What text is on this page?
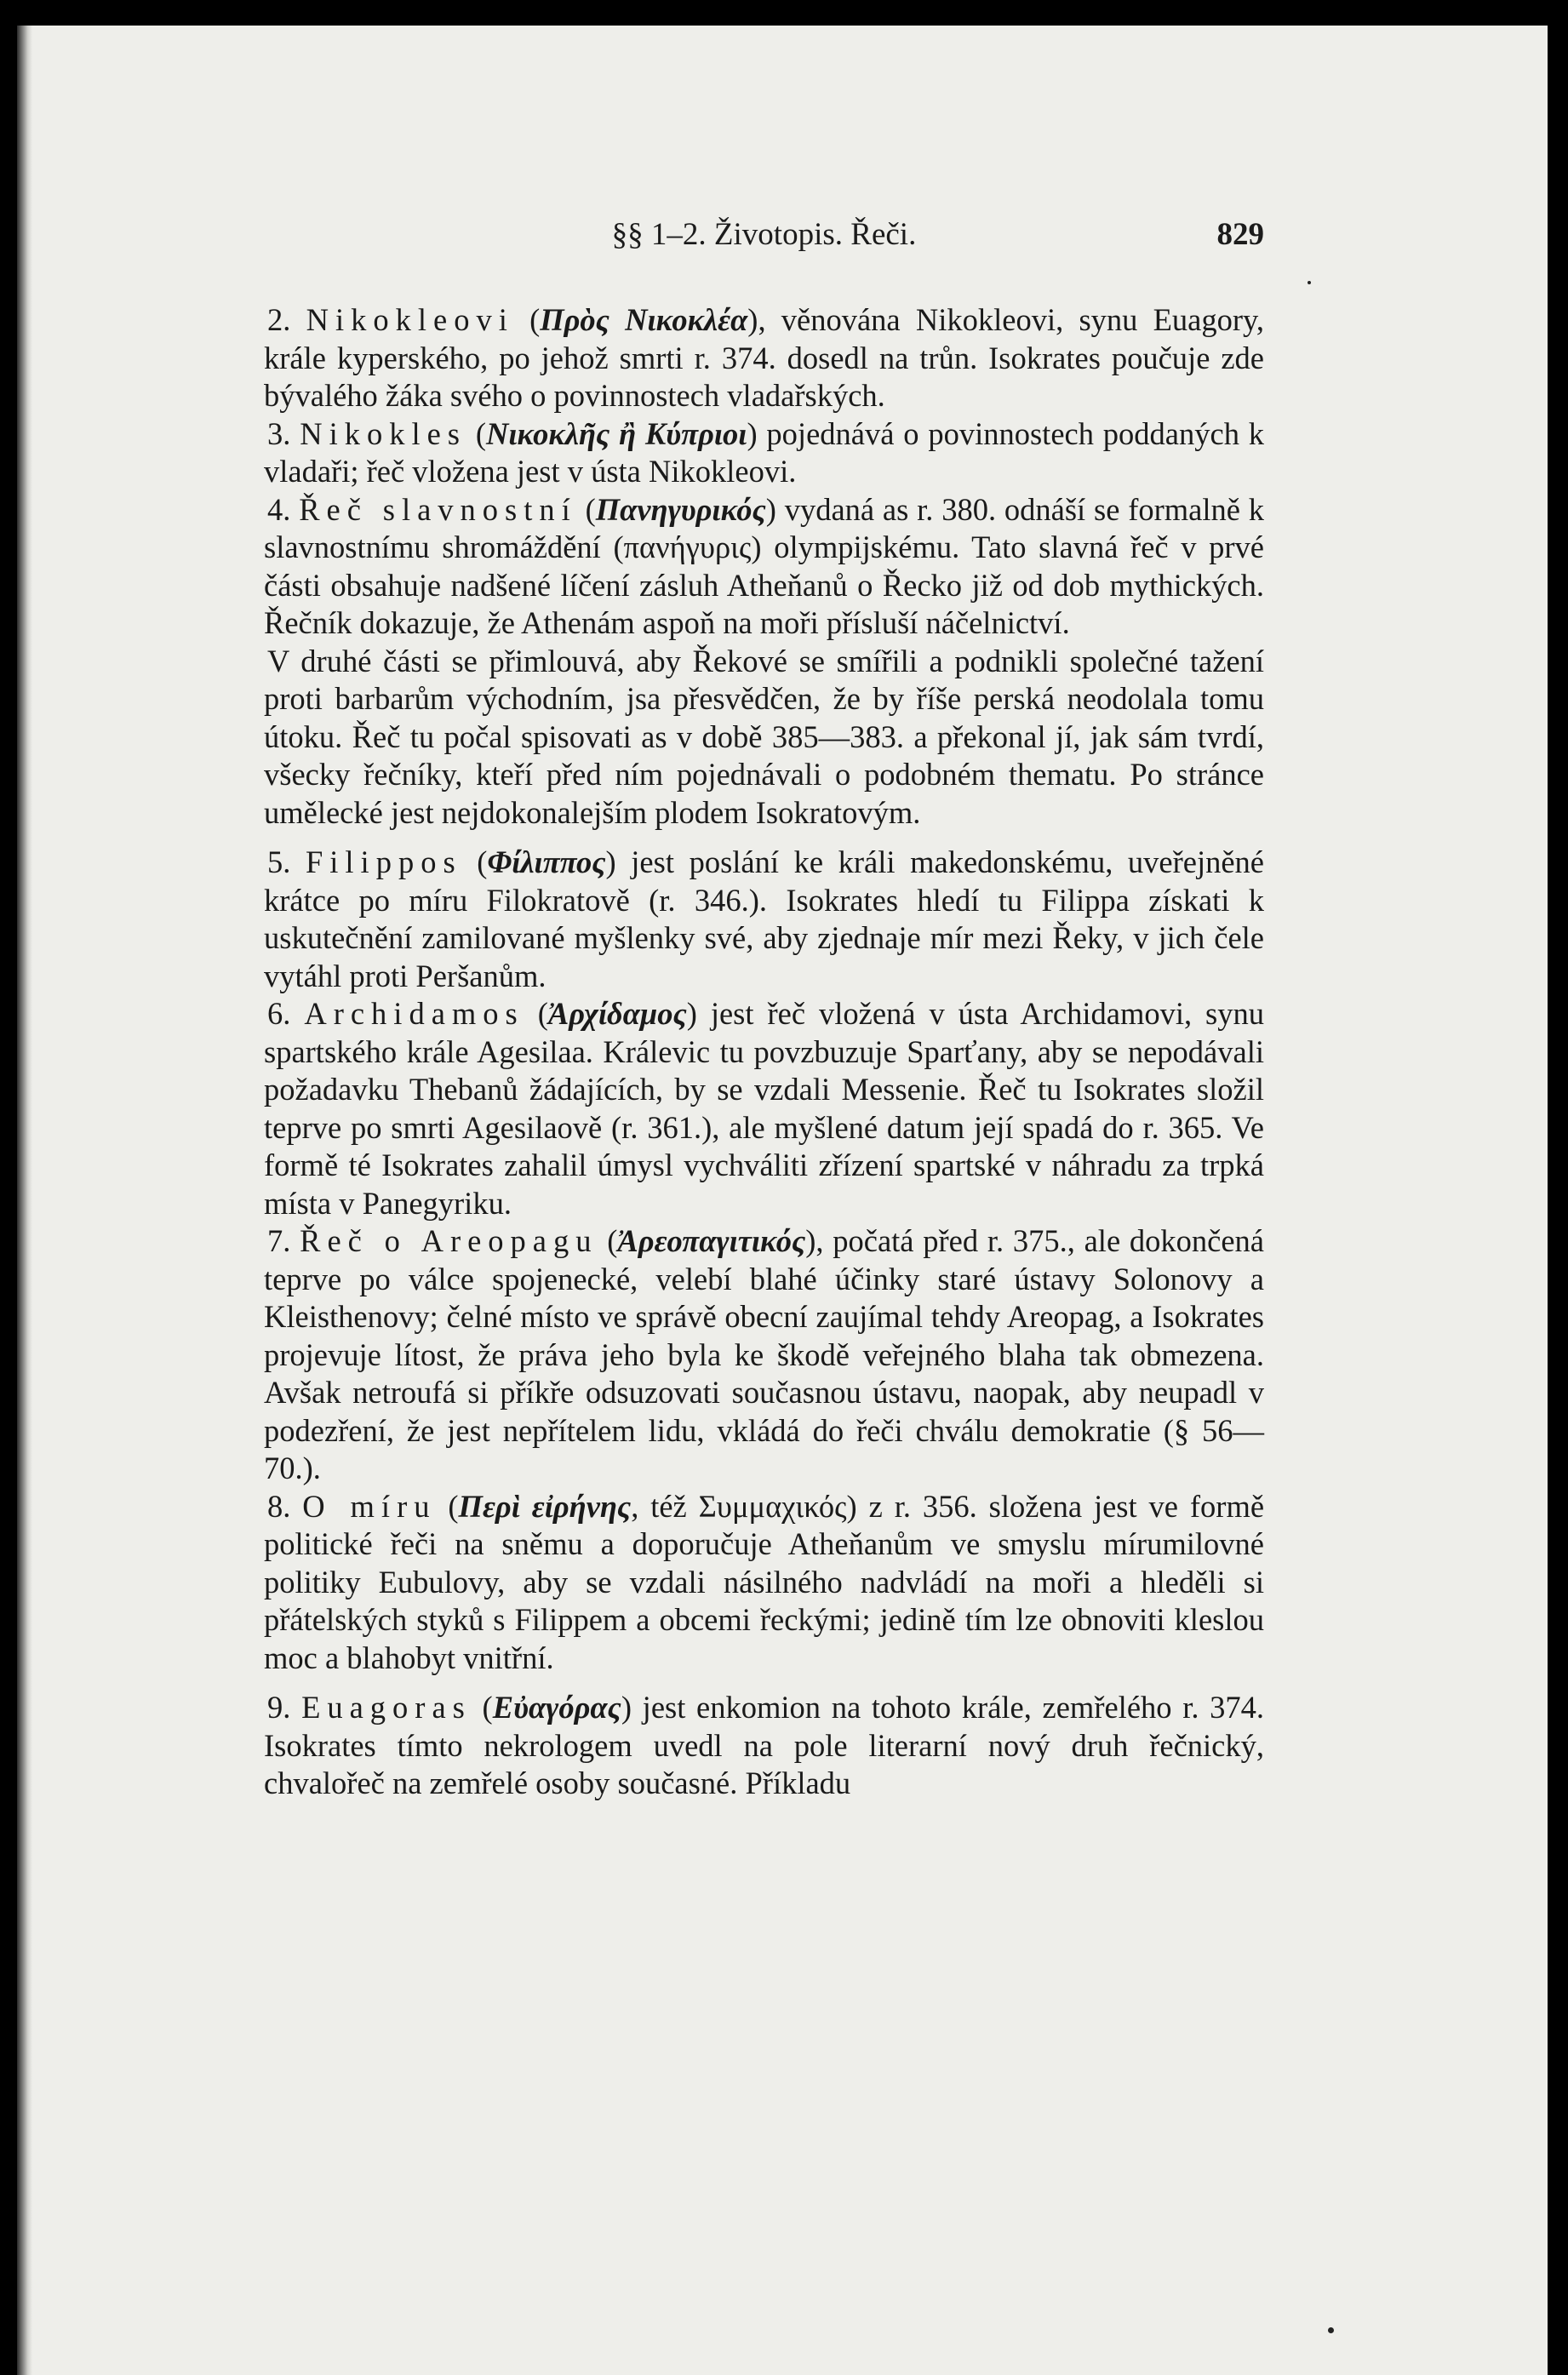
§§ 1–2. Životopis. Řeči.	829

2. Nikokleovi (Πρὸς Νικοκλέα), věnována Nikokleovi, synu Euagory, krále kyperského, po jehož smrti r. 374. dosedl na trůn. Isokrates poučuje zde bývalého žáka svého o povinnostech vladařských.

3. Nikokles (Νικοκλῆς ἢ Κύπριοι) pojednává o povinnostech poddaných k vladaři; řeč vložena jest v ústa Nikokleovi.

4. Řeč slavnostní (Πανηγυρικός) vydaná as r. 380. odnáší se formalně k slavnostnímu shromáždění (πανήγυρις) olympijskému. Tato slavná řeč v prvé části obsahuje nadšené líčení zásluh Atheňanů o Řecko již od dob mythických. Řečník dokazuje, že Athenám aspoň na moři přísluší náčelnictví.

V druhé části se přimlouvá, aby Řekové se smířili a podnikli společné tažení proti barbarům východním, jsa přesvědčen, že by říše perská neodolala tomu útoku. Řeč tu počal spisovati as v době 385—383. a překonal jí, jak sám tvrdí, všecky řečníky, kteří před ním pojednávali o podobném thematu. Po stránce umělecké jest nejdokonalejším plodem Isokratovým.

5. Filippos (Φίλιππος) jest poslání ke králi makedonskému, uveřejněné krátce po míru Filokratově (r. 346.). Isokrates hledí tu Filippa získati k uskutečnění zamilované myšlenky své, aby zjednaje mír mezi Řeky, v jich čele vytáhl proti Peršanům.

6. Archidamos (Ἀρχίδαμος) jest řeč vložená v ústa Archidamovi, synu spartského krále Agesilaa. Králevic tu povzbuzuje Sparťany, aby se nepodávali požadavku Thebanů žádajících, by se vzdali Messenie. Řeč tu Isokrates složil teprve po smrti Agesilaově (r. 361.), ale myšlené datum její spadá do r. 365. Ve formě té Isokrates zahalil úmysl vychváliti zřízení spartské v náhradu za trpká místa v Panegyriku.

7. Řeč o Areopagu (Ἀρεοπαγιτικός), počatá před r. 375., ale dokončená teprve po válce spojenecké, velebí blahé účinky staré ústavy Solonovy a Kleisthenovy; čelné místo ve správě obecní zaujímal tehdy Areopag, a Isokrates projevuje lítost, že práva jeho byla ke škodě veřejného blaha tak obmezena. Avšak netroufá si příkře odsuzovati současnou ústavu, naopak, aby neupadl v podezření, že jest nepřítelem lidu, vkládá do řeči chválu demokratie (§ 56—70.).

8. O míru (Περὶ εἰρήνης, též Συμμαχικός) z r. 356. složena jest ve formě politické řeči na sněmu a doporučuje Atheňanům ve smyslu mírumilovné politiky Eubulovy, aby se vzdali násilného nadvládí na moři a hleděli si přátelských styků s Filippem a obcemi řeckými; jedině tím lze obnoviti kleslou moc a blahobyt vnitřní.

9. Euagoras (Εὐαγόρας) jest enkomion na tohoto krále, zemřelého r. 374. Isokrates tímto nekrologem uvedl na pole literarní nový druh řečnický, chvalořeč na zemřelé osoby současné. Příkladu
